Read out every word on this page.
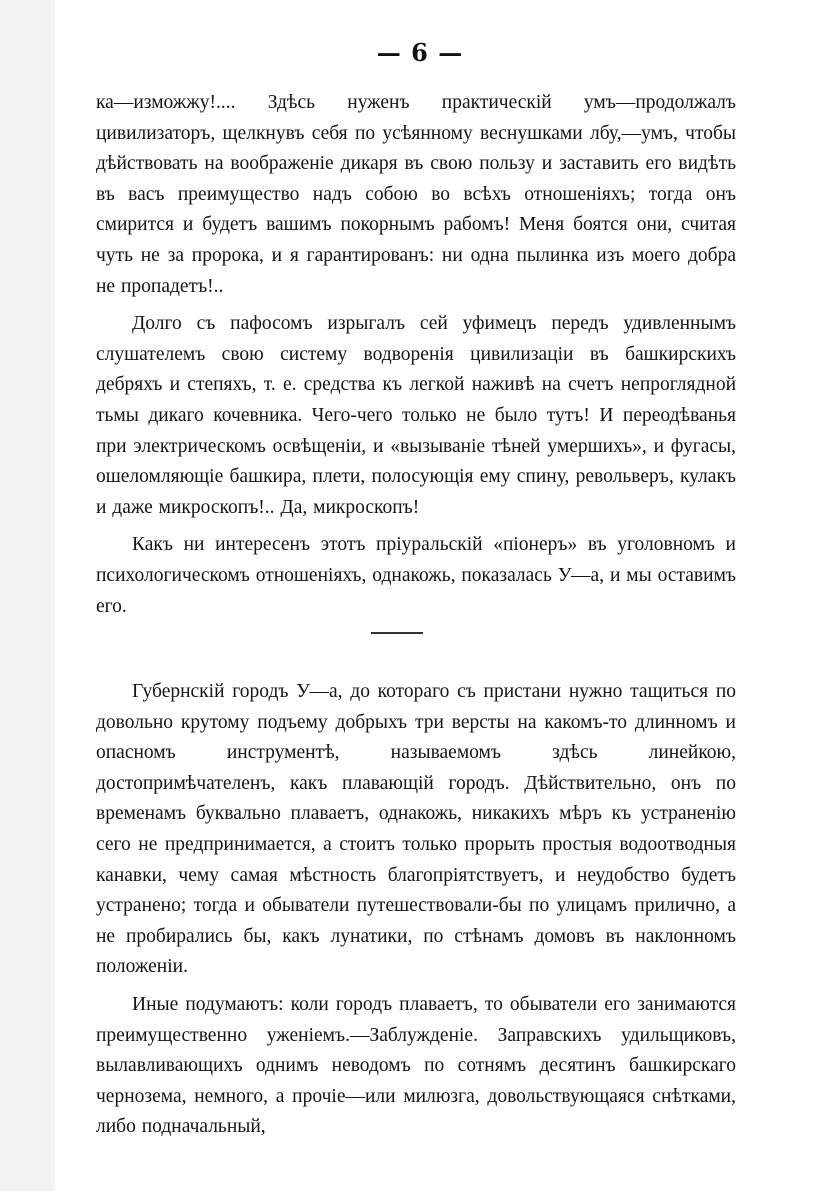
— 6 —

ка—изможжу!.... Здѣсь нуженъ практическій умъ—продолжалъ цивилизаторъ, щелкнувъ себя по усѣянному веснушками лбу,—умъ, чтобы дѣйствовать на воображеніе дикаря въ свою пользу и заставить его видѣть въ васъ преимущество надъ собою во всѣхъ отношеніяхъ; тогда онъ смирится и будетъ вашимъ покорнымъ рабомъ! Меня боятся они, считая чуть не за пророка, и я гарантированъ: ни одна пылинка изъ моего добра не пропадетъ!..

Долго съ пафосомъ изрыгалъ сей уфимецъ передъ удивленнымъ слушателемъ свою систему водворенія цивилизаціи въ башкирскихъ дебряхъ и степяхъ, т. е. средства къ легкой наживѣ на счетъ непроглядной тьмы дикаго кочевника. Чего-чего только не было тутъ! И переодѣванья при электрическомъ освѣщеніи, и «вызываніе тѣней умершихъ», и фугасы, ошеломляющіе башкира, плети, полосующія ему спину, револьверъ, кулакъ и даже микроскопъ!.. Да, микроскопъ!

Какъ ни интересенъ этотъ пріуральскій «піонеръ» въ уголовномъ и психологическомъ отношеніяхъ, однакожь, показалась У—а, и мы оставимъ его.

Губернскій городъ У—а, до котораго съ пристани нужно тащиться по довольно крутому подъему добрыхъ три версты на какомъ-то длинномъ и опасномъ инструментѣ, называемомъ здѣсь линейкою, достопримѣчателенъ, какъ плавающій городъ. Дѣйствительно, онъ по временамъ буквально плаваетъ, однакожь, никакихъ мѣръ къ устраненію сего не предпринимается, а стоитъ только прорыть простыя водоотводныя канавки, чему самая мѣстность благопріятствуетъ, и неудобство будетъ устранено; тогда и обыватели путешествовали-бы по улицамъ прилично, а не пробирались бы, какъ лунатики, по стѣнамъ домовъ въ наклонномъ положеніи.

Иные подумаютъ: коли городъ плаваетъ, то обыватели его занимаются преимущественно уженіемъ.—Заблужденіе. Заправскихъ удильщиковъ, вылавливающихъ однимъ неводомъ по сотнямъ десятинъ башкирскаго чернозема, немного, а прочіе—или милюзга, довольствующаяся снѣтками, либо подначальный,
